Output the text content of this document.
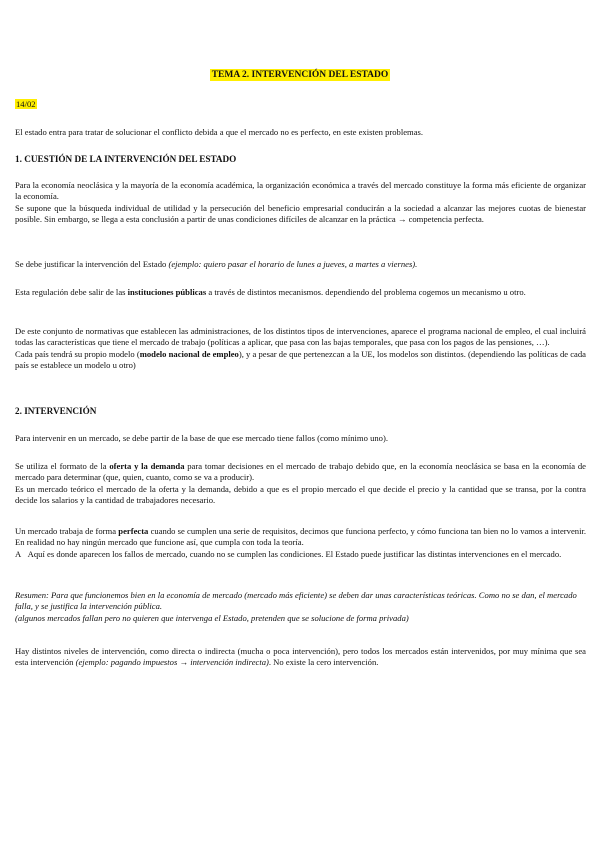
TEMA 2. INTERVENCIÓN DEL ESTADO

14/02

El estado entra para tratar de solucionar el conflicto debida a que el mercado no es perfecto, en este existen problemas.

1. CUESTIÓN DE LA INTERVENCIÓN DEL ESTADO

Para la economía neoclásica y la mayoría de la economía académica, la organización económica a través del mercado constituye la forma más eficiente de organizar la economía.
Se supone que la búsqueda individual de utilidad y la persecución del beneficio empresarial conducirán a la sociedad a alcanzar las mejores cuotas de bienestar posible. Sin embargo, se llega a esta conclusión a partir de unas condiciones difíciles de alcanzar en la práctica → competencia perfecta.

Se debe justificar la intervención del Estado (ejemplo: quiero pasar el horario de lunes a jueves, a martes a viernes).

Esta regulación debe salir de las instituciones públicas a través de distintos mecanismos. dependiendo del problema cogemos un mecanismo u otro.

De este conjunto de normativas que establecen las administraciones, de los distintos tipos de intervenciones, aparece el programa nacional de empleo, el cual incluirá todas las características que tiene el mercado de trabajo (políticas a aplicar, que pasa con las bajas temporales, que pasa con los pagos de las pensiones, …).
Cada país tendrá su propio modelo (modelo nacional de empleo), y a pesar de que pertenezcan a la UE, los modelos son distintos. (dependiendo las políticas de cada país se establece un modelo u otro)

2. INTERVENCIÓN

Para intervenir en un mercado, se debe partir de la base de que ese mercado tiene fallos (como mínimo uno).

Se utiliza el formato de la oferta y la demanda para tomar decisiones en el mercado de trabajo debido que, en la economía neoclásica se basa en la economía de mercado para determinar (que, quien, cuanto, como se va a producir).
Es un mercado teórico el mercado de la oferta y la demanda, debido a que es el propio mercado el que decide el precio y la cantidad que se transa, por la contra decide los salarios y la cantidad de trabajadores necesario.

Un mercado trabaja de forma perfecta cuando se cumplen una serie de requisitos, decimos que funciona perfecto, y cómo funciona tan bien no lo vamos a intervenir. En realidad no hay ningún mercado que funcione así, que cumpla con toda la teoría.
A Aquí es donde aparecen los fallos de mercado, cuando no se cumplen las condiciones. El Estado puede justificar las distintas intervenciones en el mercado.

Resumen: Para que funcionemos bien en la economía de mercado (mercado más eficiente) se deben dar unas características teóricas. Como no se dan, el mercado falla, y se justifica la intervención pública.
(algunos mercados fallan pero no quieren que intervenga el Estado, pretenden que se solucione de forma privada)

Hay distintos niveles de intervención, como directa o indirecta (mucha o poca intervención), pero todos los mercados están intervenidos, por muy mínima que sea esta intervención (ejemplo: pagando impuestos → intervención indirecta). No existe la cero intervención.
